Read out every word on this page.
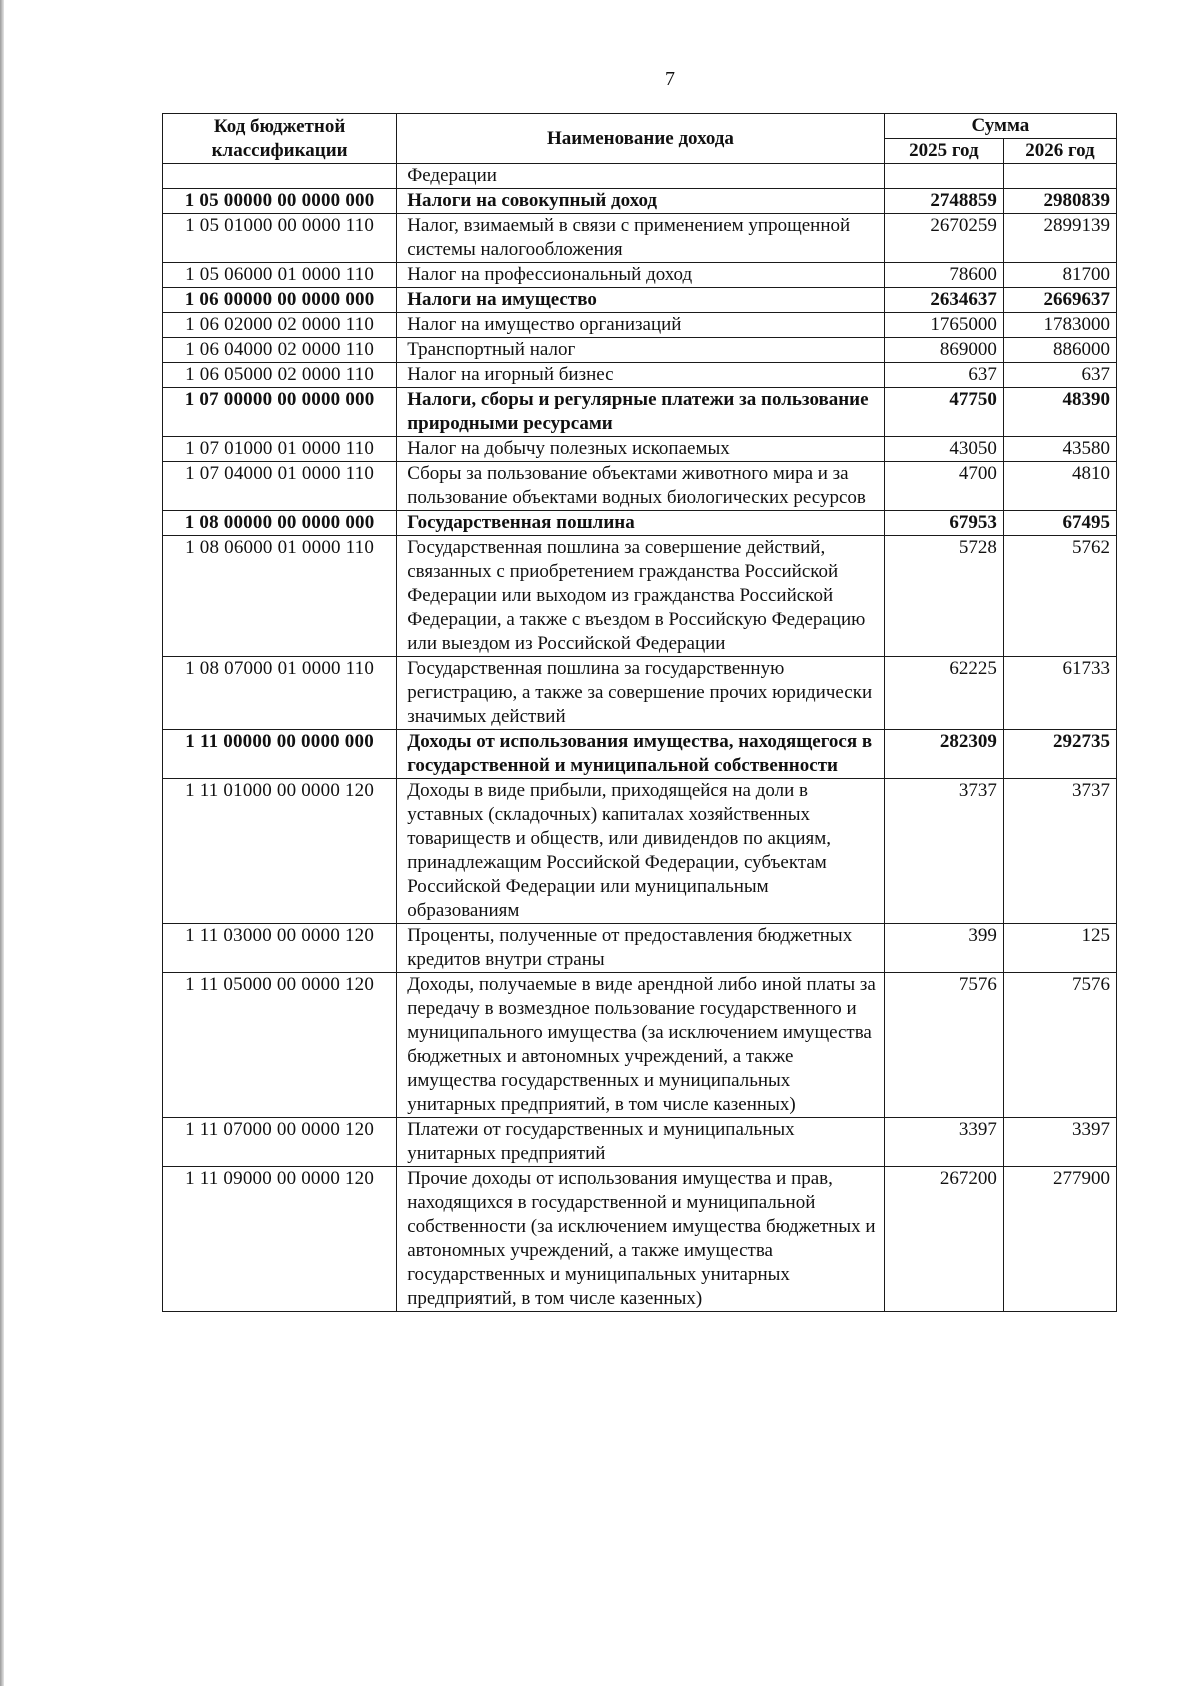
7
Код бюджетной классификации	Наименование дохода	Сумма	
		2025 год	2026 год
	Федерации		
1 05 00000 00 0000 000	Налоги на совокупный доход	2748859	2980839
1 05 01000 00 0000 110	Налог, взимаемый в связи с применением упрощенной системы налогообложения	2670259	2899139
1 05 06000 01 0000 110	Налог на профессиональный доход	78600	81700
1 06 00000 00 0000 000	Налоги на имущество	2634637	2669637
1 06 02000 02 0000 110	Налог на имущество организаций	1765000	1783000
1 06 04000 02 0000 110	Транспортный налог	869000	886000
1 06 05000 02 0000 110	Налог на игорный бизнес	637	637
1 07 00000 00 0000 000	Налоги, сборы и регулярные платежи за пользование природными ресурсами	47750	48390
1 07 01000 01 0000 110	Налог на добычу полезных ископаемых	43050	43580
1 07 04000 01 0000 110	Сборы за пользование объектами животного мира и за пользование объектами водных биологических ресурсов	4700	4810
1 08 00000 00 0000 000	Государственная пошлина	67953	67495
1 08 06000 01 0000 110	Государственная пошлина за совершение действий, связанных с приобретением гражданства Российской Федерации или выходом из гражданства Российской Федерации, а также с въездом в Российскую Федерацию или выездом из Российской Федерации	5728	5762
1 08 07000 01 0000 110	Государственная пошлина за государственную регистрацию, а также за совершение прочих юридически значимых действий	62225	61733
1 11 00000 00 0000 000	Доходы от использования имущества, находящегося в государственной и муниципальной собственности	282309	292735
1 11 01000 00 0000 120	Доходы в виде прибыли, приходящейся на доли в уставных (складочных) капиталах хозяйственных товариществ и обществ, или дивидендов по акциям, принадлежащим Российской Федерации, субъектам Российской Федерации или муниципальным образованиям	3737	3737
1 11 03000 00 0000 120	Проценты, полученные от предоставления бюджетных кредитов внутри страны	399	125
1 11 05000 00 0000 120	Доходы, получаемые в виде арендной либо иной платы за передачу в возмездное пользование государственного и муниципального имущества (за исключением имущества бюджетных и автономных учреждений, а также имущества государственных и муниципальных унитарных предприятий, в том числе казенных)	7576	7576
1 11 07000 00 0000 120	Платежи от государственных и муниципальных унитарных предприятий	3397	3397
1 11 09000 00 0000 120	Прочие доходы от использования имущества и прав, находящихся в государственной и муниципальной собственности (за исключением имущества бюджетных и автономных учреждений, а также имущества государственных и муниципальных унитарных предприятий, в том числе казенных)	267200	277900
